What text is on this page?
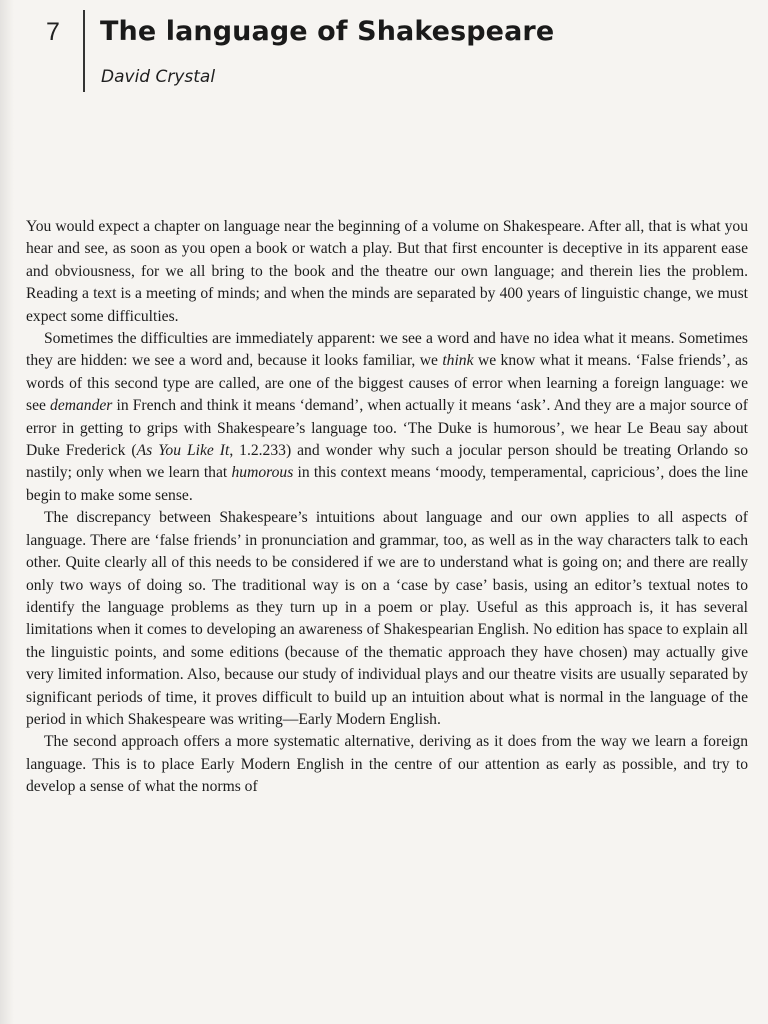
7 The language of Shakespeare
David Crystal

You would expect a chapter on language near the beginning of a volume on Shakespeare. After all, that is what you hear and see, as soon as you open a book or watch a play. But that first encounter is deceptive in its apparent ease and obviousness, for we all bring to the book and the theatre our own language; and therein lies the problem. Reading a text is a meeting of minds; and when the minds are separated by 400 years of linguistic change, we must expect some difficulties.

Sometimes the difficulties are immediately apparent: we see a word and have no idea what it means. Sometimes they are hidden: we see a word and, because it looks familiar, we think we know what it means. ‘False friends’, as words of this second type are called, are one of the biggest causes of error when learning a foreign language: we see demander in French and think it means ‘demand’, when actually it means ‘ask’. And they are a major source of error in getting to grips with Shakespeare’s language too. ‘The Duke is humorous’, we hear Le Beau say about Duke Frederick (As You Like It, 1.2.233) and wonder why such a jocular person should be treating Orlando so nastily; only when we learn that humorous in this context means ‘moody, temperamental, capricious’, does the line begin to make some sense.

The discrepancy between Shakespeare’s intuitions about language and our own applies to all aspects of language. There are ‘false friends’ in pronunciation and grammar, too, as well as in the way characters talk to each other. Quite clearly all of this needs to be considered if we are to understand what is going on; and there are really only two ways of doing so. The traditional way is on a ‘case by case’ basis, using an editor’s textual notes to identify the language problems as they turn up in a poem or play. Useful as this approach is, it has several limitations when it comes to developing an awareness of Shakespearian English. No edition has space to explain all the linguistic points, and some editions (because of the thematic approach they have chosen) may actually give very limited information. Also, because our study of individual plays and our theatre visits are usually separated by significant periods of time, it proves difficult to build up an intuition about what is normal in the language of the period in which Shakespeare was writing—Early Modern English.

The second approach offers a more systematic alternative, deriving as it does from the way we learn a foreign language. This is to place Early Modern English in the centre of our attention as early as possible, and try to develop a sense of what the norms of
